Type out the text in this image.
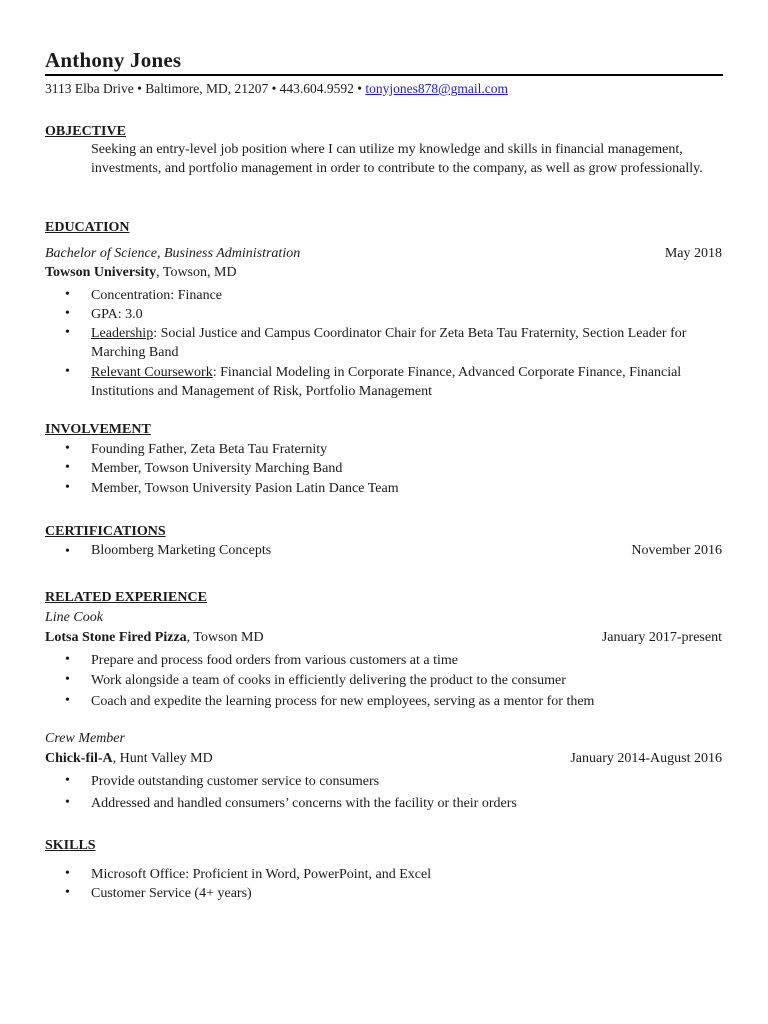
Anthony Jones
3113 Elba Drive • Baltimore, MD, 21207 • 443.604.9592 • tonyjones878@gmail.com
OBJECTIVE
Seeking an entry-level job position where I can utilize my knowledge and skills in financial management, investments, and portfolio management in order to contribute to the company, as well as grow professionally.
EDUCATION
Bachelor of Science, Business Administration	May 2018
Towson University, Towson, MD
• Concentration: Finance
• GPA: 3.0
• Leadership: Social Justice and Campus Coordinator Chair for Zeta Beta Tau Fraternity, Section Leader for Marching Band
• Relevant Coursework: Financial Modeling in Corporate Finance, Advanced Corporate Finance, Financial Institutions and Management of Risk, Portfolio Management
INVOLVEMENT
• Founding Father, Zeta Beta Tau Fraternity
• Member, Towson University Marching Band
• Member, Towson University Pasion Latin Dance Team
CERTIFICATIONS
• Bloomberg Marketing Concepts	November 2016
RELATED EXPERIENCE
Line Cook
Lotsa Stone Fired Pizza, Towson MD	January 2017-present
• Prepare and process food orders from various customers at a time
• Work alongside a team of cooks in efficiently delivering the product to the consumer
• Coach and expedite the learning process for new employees, serving as a mentor for them
Crew Member
Chick-fil-A, Hunt Valley MD	January 2014-August 2016
• Provide outstanding customer service to consumers
• Addressed and handled consumers’ concerns with the facility or their orders
SKILLS
• Microsoft Office: Proficient in Word, PowerPoint, and Excel
• Customer Service (4+ years)
